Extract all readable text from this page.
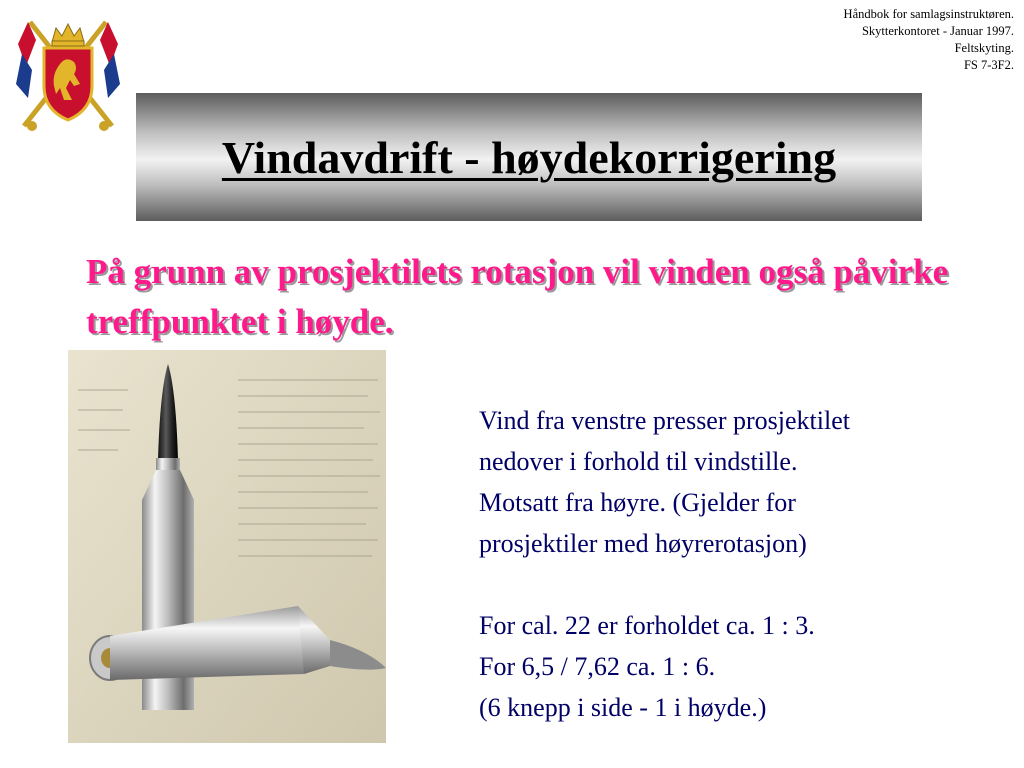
Håndbok for samlagsinstruktøren.
Skytterkontoret - Januar 1997.
Feltskyting.
FS 7-3F2.
Vindavdrift - høydekorrigering
På grunn av prosjektilets rotasjon vil vinden også påvirke treffpunktet i høyde.
Vind fra venstre presser prosjektilet
nedover i forhold til vindstille.
Motsatt fra høyre. (Gjelder for
prosjektiler med høyrerotasjon)
For cal. 22 er forholdet ca. 1 : 3.
For 6,5 / 7,62 ca. 1 : 6.
(6 knepp i side - 1 i høyde.)
